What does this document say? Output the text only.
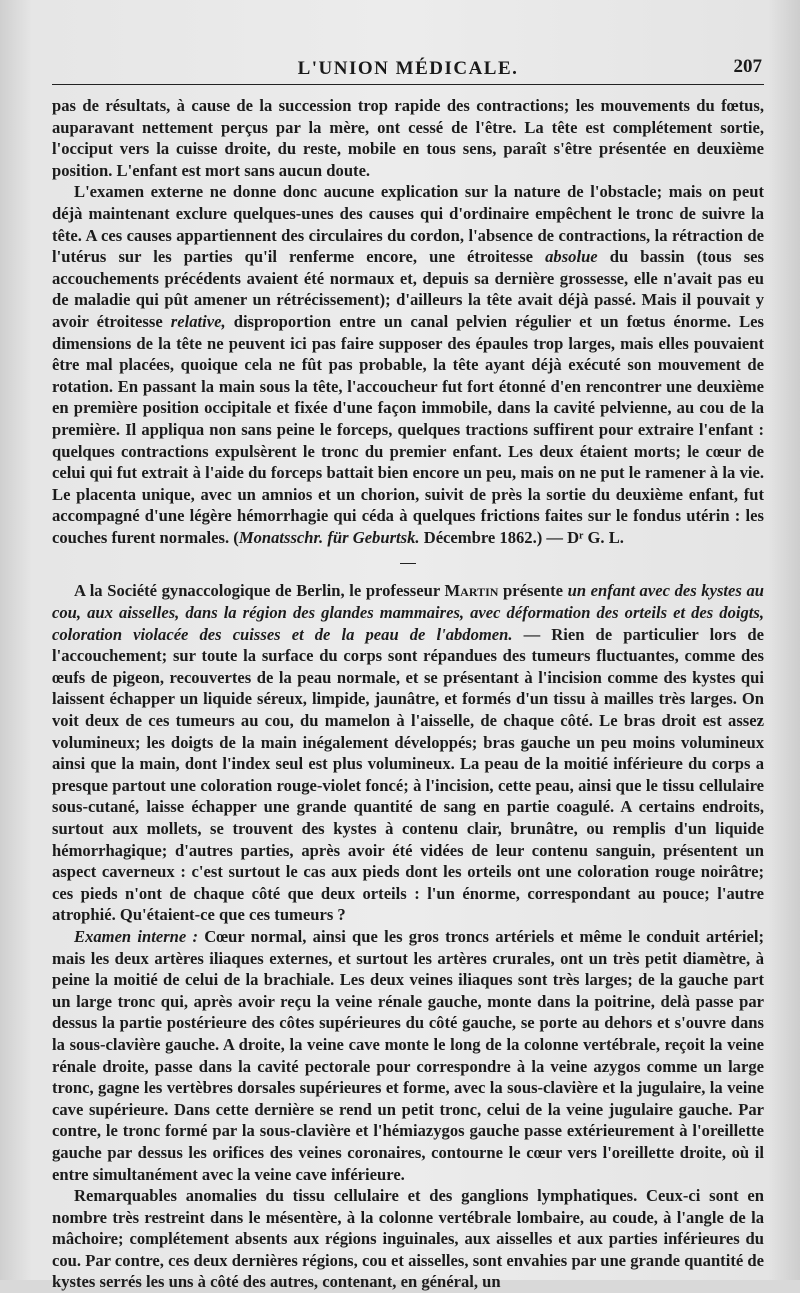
L'UNION MÉDICALE.	207

pas de résultats, à cause de la succession trop rapide des contractions; les mouvements du fœtus, auparavant nettement perçus par la mère, ont cessé de l'être. La tête est complétement sortie, l'occiput vers la cuisse droite, du reste, mobile en tous sens, paraît s'être présentée en deuxième position. L'enfant est mort sans aucun doute.

L'examen externe ne donne donc aucune explication sur la nature de l'obstacle; mais on peut déjà maintenant exclure quelques-unes des causes qui d'ordinaire empêchent le tronc de suivre la tête. A ces causes appartiennent des circulaires du cordon, l'absence de contractions, la rétraction de l'utérus sur les parties qu'il renferme encore, une étroitesse absolue du bassin (tous ses accouchements précédents avaient été normaux et, depuis sa dernière grossesse, elle n'avait pas eu de maladie qui pût amener un rétrécissement); d'ailleurs la tête avait déjà passé. Mais il pouvait y avoir étroitesse relative, disproportion entre un canal pelvien régulier et un fœtus énorme. Les dimensions de la tête ne peuvent ici pas faire supposer des épaules trop larges, mais elles pouvaient être mal placées, quoique cela ne fût pas probable, la tête ayant déjà exécuté son mouvement de rotation. En passant la main sous la tête, l'accoucheur fut fort étonné d'en rencontrer une deuxième en première position occipitale et fixée d'une façon immobile, dans la cavité pelvienne, au cou de la première. Il appliqua non sans peine le forceps, quelques tractions suffirent pour extraire l'enfant : quelques contractions expulsèrent le tronc du premier enfant. Les deux étaient morts; le cœur de celui qui fut extrait à l'aide du forceps battait bien encore un peu, mais on ne put le ramener à la vie. Le placenta unique, avec un amnios et un chorion, suivit de près la sortie du deuxième enfant, fut accompagné d'une légère hémorrhagie qui céda à quelques frictions faites sur le fondus utérin : les couches furent normales. (Monatsschr. für Geburtsk. Décembre 1862.) — Dʳ G. L.

A la Société gynaccologique de Berlin, le professeur Martin présente un enfant avec des kystes au cou, aux aisselles, dans la région des glandes mammaires, avec déformation des orteils et des doigts, coloration violacée des cuisses et de la peau de l'abdomen. — Rien de particulier lors de l'accouchement; sur toute la surface du corps sont répandues des tumeurs fluctuantes, comme des œufs de pigeon, recouvertes de la peau normale, et se présentant à l'incision comme des kystes qui laissent échapper un liquide séreux, limpide, jaunâtre, et formés d'un tissu à mailles très larges. On voit deux de ces tumeurs au cou, du mamelon à l'aisselle, de chaque côté. Le bras droit est assez volumineux; les doigts de la main inégalement développés; bras gauche un peu moins volumineux ainsi que la main, dont l'index seul est plus volumineux. La peau de la moitié inférieure du corps a presque partout une coloration rouge-violet foncé; à l'incision, cette peau, ainsi que le tissu cellulaire sous-cutané, laisse échapper une grande quantité de sang en partie coagulé. A certains endroits, surtout aux mollets, se trouvent des kystes à contenu clair, brunâtre, ou remplis d'un liquide hémorrhagique; d'autres parties, après avoir été vidées de leur contenu sanguin, présentent un aspect caverneux : c'est surtout le cas aux pieds dont les orteils ont une coloration rouge noirâtre; ces pieds n'ont de chaque côté que deux orteils : l'un énorme, correspondant au pouce; l'autre atrophié. Qu'étaient-ce que ces tumeurs ?

Examen interne : Cœur normal, ainsi que les gros troncs artériels et même le conduit artériel; mais les deux artères iliaques externes, et surtout les artères crurales, ont un très petit diamètre, à peine la moitié de celui de la brachiale. Les deux veines iliaques sont très larges; de la gauche part un large tronc qui, après avoir reçu la veine rénale gauche, monte dans la poitrine, delà passe par dessus la partie postérieure des côtes supérieures du côté gauche, se porte au dehors et s'ouvre dans la sous-clavière gauche. A droite, la veine cave monte le long de la colonne vertébrale, reçoit la veine rénale droite, passe dans la cavité pectorale pour correspondre à la veine azygos comme un large tronc, gagne les vertèbres dorsales supérieures et forme, avec la sous-clavière et la jugulaire, la veine cave supérieure. Dans cette dernière se rend un petit tronc, celui de la veine jugulaire gauche. Par contre, le tronc formé par la sous-clavière et l'hémiazygos gauche passe extérieurement à l'oreillette gauche par dessus les orifices des veines coronaires, contourne le cœur vers l'oreillette droite, où il entre simultanément avec la veine cave inférieure.

Remarquables anomalies du tissu cellulaire et des ganglions lymphatiques. Ceux-ci sont en nombre très restreint dans le mésentère, à la colonne vertébrale lombaire, au coude, à l'angle de la mâchoire; complétement absents aux régions inguinales, aux aisselles et aux parties inférieures du cou. Par contre, ces deux dernières régions, cou et aisselles, sont envahies par une grande quantité de kystes serrés les uns à côté des autres, contenant, en général, un
